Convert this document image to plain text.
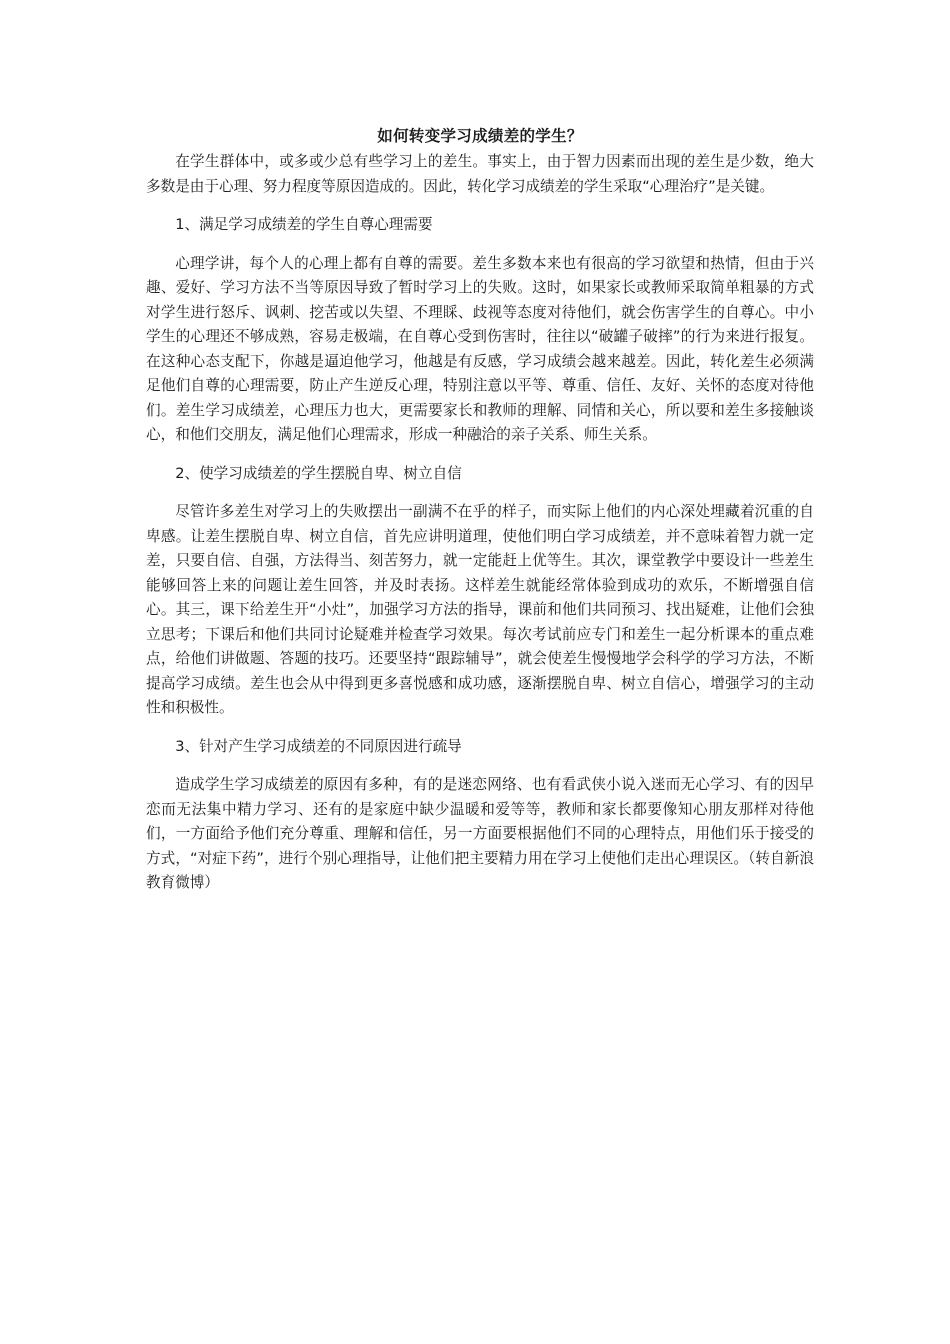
如何转变学习成绩差的学生？

在学生群体中，或多或少总有些学习上的差生。事实上，由于智力因素而出现的差生是少数，绝大多数是由于心理、努力程度等原因造成的。因此，转化学习成绩差的学生采取“心理治疗”是关键。

1、满足学习成绩差的学生自尊心理需要

心理学讲，每个人的心理上都有自尊的需要。差生多数本来也有很高的学习欲望和热情，但由于兴趣、爱好、学习方法不当等原因导致了暂时学习上的失败。这时，如果家长或教师采取简单粗暴的方式对学生进行怒斥、讽刺、挖苦或以失望、不理睬、歧视等态度对待他们，就会伤害学生的自尊心。中小学生的心理还不够成熟，容易走极端，在自尊心受到伤害时，往往以“破罐子破摔”的行为来进行报复。在这种心态支配下，你越是逼迫他学习，他越是有反感，学习成绩会越来越差。因此，转化差生必须满足他们自尊的心理需要，防止产生逆反心理，特别注意以平等、尊重、信任、友好、关怀的态度对待他们。差生学习成绩差，心理压力也大，更需要家长和教师的理解、同情和关心，所以要和差生多接触谈心，和他们交朋友，满足他们心理需求，形成一种融洽的亲子关系、师生关系。

2、使学习成绩差的学生摆脱自卑、树立自信

尽管许多差生对学习上的失败摆出一副满不在乎的样子，而实际上他们的内心深处埋藏着沉重的自卑感。让差生摆脱自卑、树立自信，首先应讲明道理，使他们明白学习成绩差，并不意味着智力就一定差，只要自信、自强，方法得当、刻苦努力，就一定能赶上优等生。其次，课堂教学中要设计一些差生能够回答上来的问题让差生回答，并及时表扬。这样差生就能经常体验到成功的欢乐，不断增强自信心。其三，课下给差生开“小灶”，加强学习方法的指导，课前和他们共同预习、找出疑难，让他们会独立思考；下课后和他们共同讨论疑难并检查学习效果。每次考试前应专门和差生一起分析课本的重点难点，给他们讲做题、答题的技巧。还要坚持“跟踪辅导”，就会使差生慢慢地学会科学的学习方法，不断提高学习成绩。差生也会从中得到更多喜悦感和成功感，逐渐摆脱自卑、树立自信心，增强学习的主动性和积极性。

3、针对产生学习成绩差的不同原因进行疏导

造成学生学习成绩差的原因有多种，有的是迷恋网络、也有看武侠小说入迷而无心学习、有的因早恋而无法集中精力学习、还有的是家庭中缺少温暖和爱等等，教师和家长都要像知心朋友那样对待他们，一方面给予他们充分尊重、理解和信任，另一方面要根据他们不同的心理特点，用他们乐于接受的方式，“对症下药”，进行个别心理指导，让他们把主要精力用在学习上使他们走出心理误区。（转自新浪教育微博）
